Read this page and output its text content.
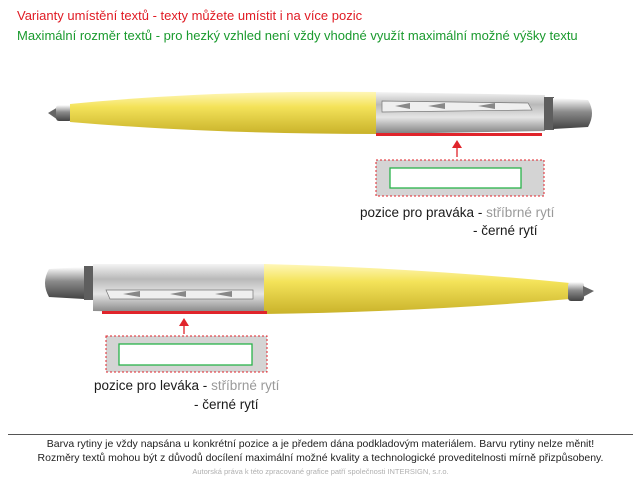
Varianty umístění textů - texty můžete umístit i na více pozic
Maximální rozměr textů - pro hezký vzhled není vždy vhodné využít maximální možné výšky textu
pozice pro praváka - stříbrné rytí
- černé rytí
pozice pro leváka - stříbrné rytí
- černé rytí
Barva rytiny je vždy napsána u konkrétní pozice a je předem dána podkladovým materiálem. Barvu rytiny nelze měnit!
Rozměry textů mohou být z důvodů docílení maximální možné kvality a technologické proveditelnosti mírně přizpůsobeny.
Autorská práva k této zpracované grafice patří společnosti INTERSIGN, s.r.o.
